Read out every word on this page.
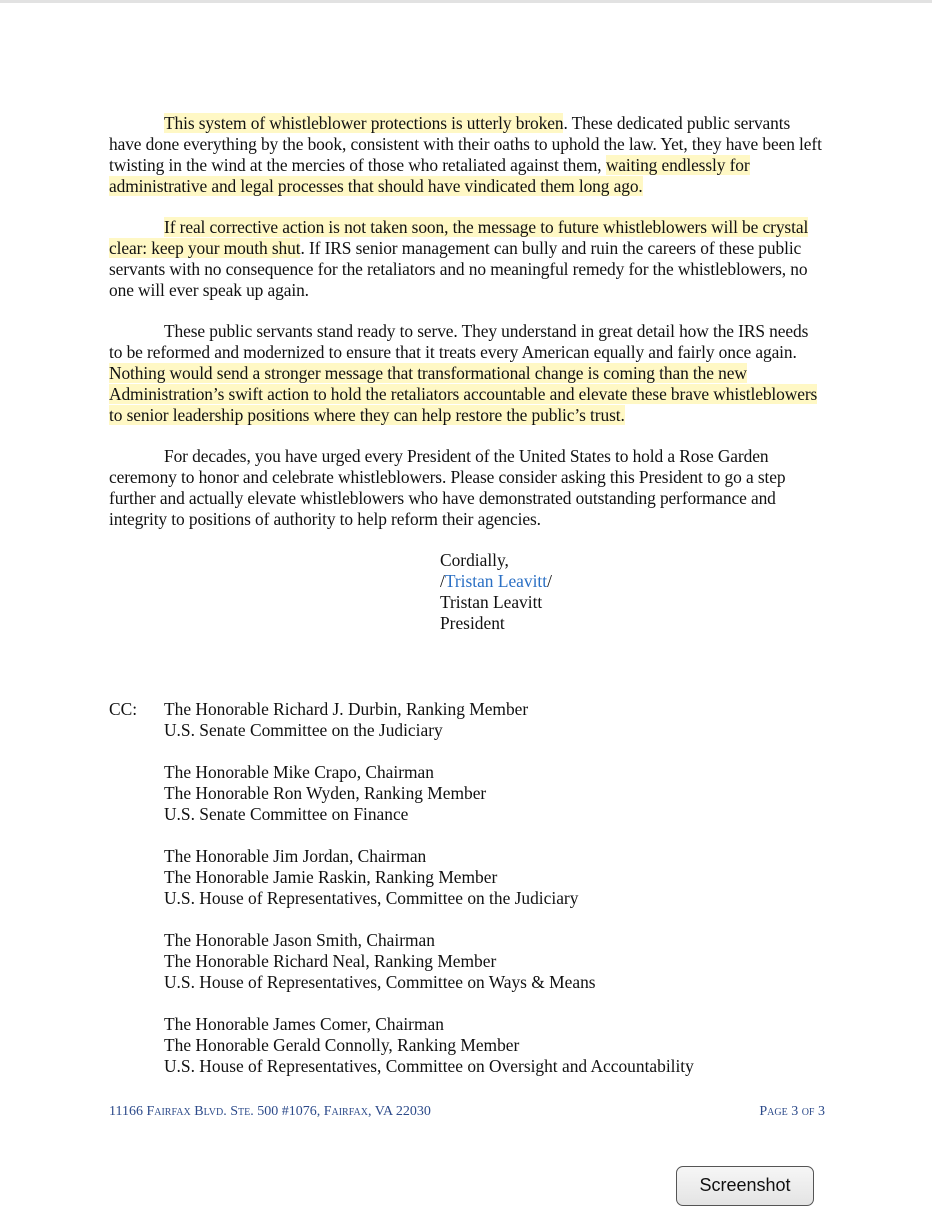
This system of whistleblower protections is utterly broken. These dedicated public servants have done everything by the book, consistent with their oaths to uphold the law. Yet, they have been left twisting in the wind at the mercies of those who retaliated against them, waiting endlessly for administrative and legal processes that should have vindicated them long ago.

If real corrective action is not taken soon, the message to future whistleblowers will be crystal clear: keep your mouth shut. If IRS senior management can bully and ruin the careers of these public servants with no consequence for the retaliators and no meaningful remedy for the whistleblowers, no one will ever speak up again.

These public servants stand ready to serve. They understand in great detail how the IRS needs to be reformed and modernized to ensure that it treats every American equally and fairly once again. Nothing would send a stronger message that transformational change is coming than the new Administration’s swift action to hold the retaliators accountable and elevate these brave whistleblowers to senior leadership positions where they can help restore the public’s trust.

For decades, you have urged every President of the United States to hold a Rose Garden ceremony to honor and celebrate whistleblowers. Please consider asking this President to go a step further and actually elevate whistleblowers who have demonstrated outstanding performance and integrity to positions of authority to help reform their agencies.

Cordially,
/Tristan Leavitt/
Tristan Leavitt
President
CC: The Honorable Richard J. Durbin, Ranking Member
U.S. Senate Committee on the Judiciary
The Honorable Mike Crapo, Chairman
The Honorable Ron Wyden, Ranking Member
U.S. Senate Committee on Finance
The Honorable Jim Jordan, Chairman
The Honorable Jamie Raskin, Ranking Member
U.S. House of Representatives, Committee on the Judiciary
The Honorable Jason Smith, Chairman
The Honorable Richard Neal, Ranking Member
U.S. House of Representatives, Committee on Ways & Means
The Honorable James Comer, Chairman
The Honorable Gerald Connolly, Ranking Member
U.S. House of Representatives, Committee on Oversight and Accountability
11166 Fairfax Blvd. Ste. 500 #1076, Fairfax, VA 22030	Page 3 of 3
Screenshot
